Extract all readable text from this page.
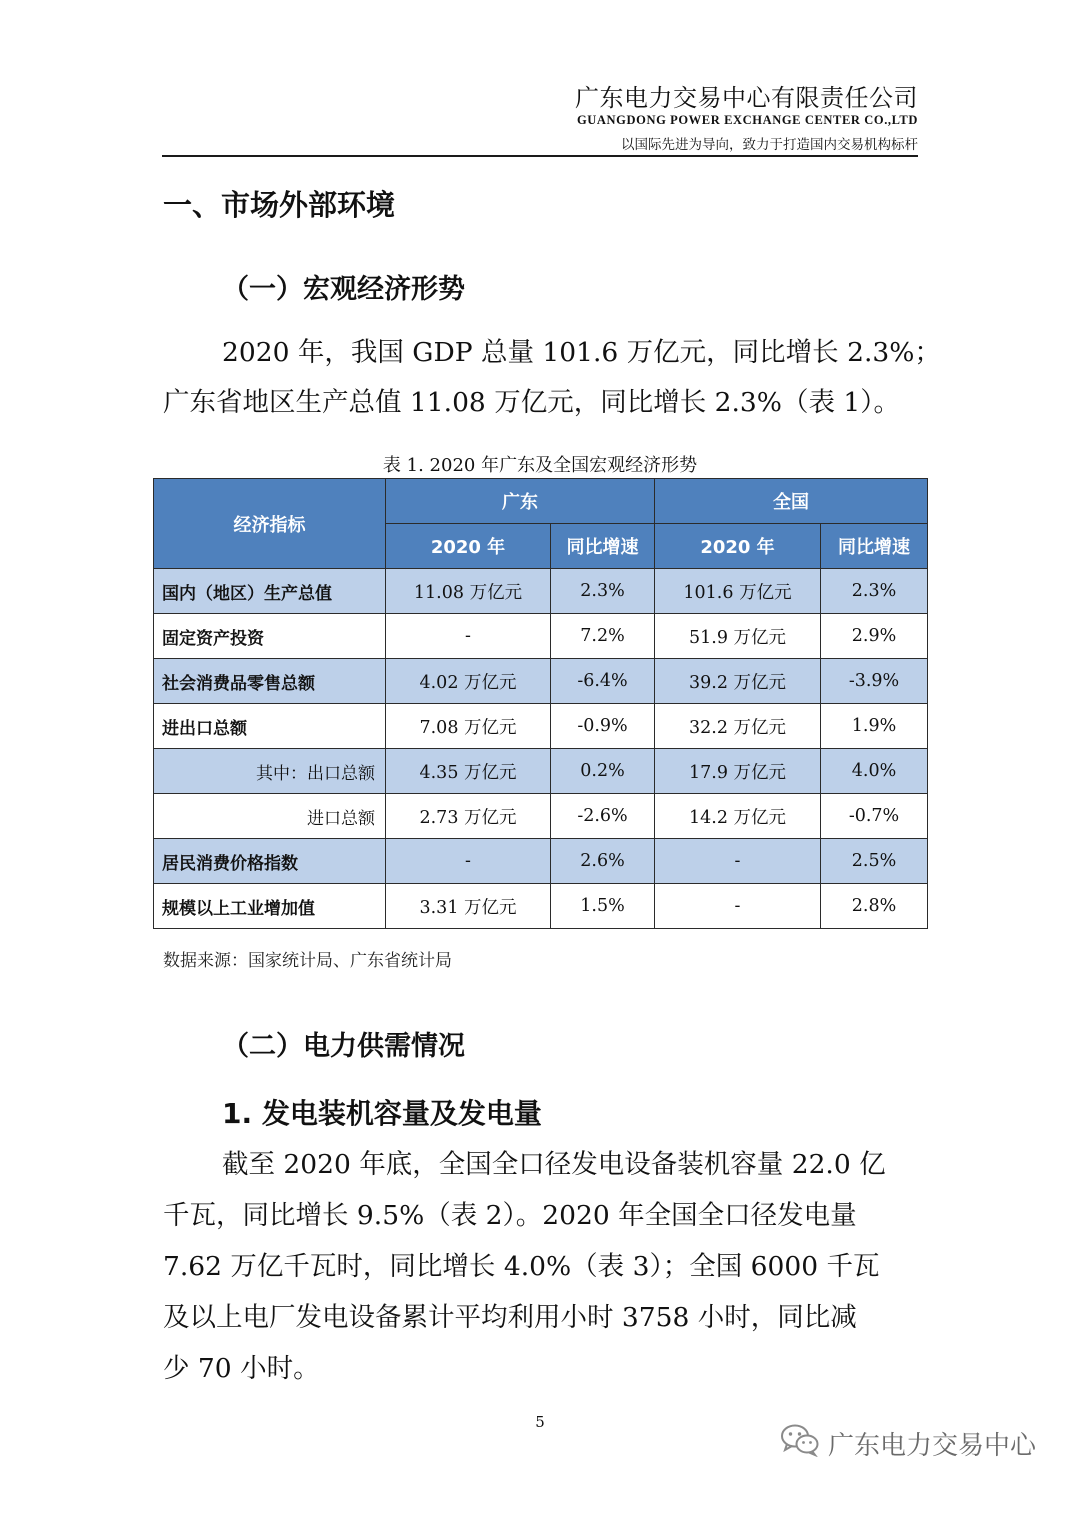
广东电力交易中心有限责任公司
GUANGDONG POWER EXCHANGE CENTER CO.,LTD
以国际先进为导向，致力于打造国内交易机构标杆
一、市场外部环境
（一）宏观经济形势
2020 年，我国 GDP 总量 101.6 万亿元，同比增长 2.3%；
广东省地区生产总值 11.08 万亿元，同比增长 2.3%（表 1）。
表 1. 2020 年广东及全国宏观经济形势
经济指标	广东		全国	
	2020 年	同比增速	2020 年	同比增速
国内（地区）生产总值	11.08 万亿元	2.3%	101.6 万亿元	2.3%
固定资产投资	-	7.2%	51.9 万亿元	2.9%
社会消费品零售总额	4.02 万亿元	-6.4%	39.2 万亿元	-3.9%
进出口总额	7.08 万亿元	-0.9%	32.2 万亿元	1.9%
其中：出口总额	4.35 万亿元	0.2%	17.9 万亿元	4.0%
进口总额	2.73 万亿元	-2.6%	14.2 万亿元	-0.7%
居民消费价格指数	-	2.6%	-	2.5%
规模以上工业增加值	3.31 万亿元	1.5%	-	2.8%
数据来源：国家统计局、广东省统计局
（二）电力供需情况
1. 发电装机容量及发电量
截至 2020 年底，全国全口径发电设备装机容量 22.0 亿
千瓦，同比增长 9.5%（表 2）。2020 年全国全口径发电量
7.62 万亿千瓦时，同比增长 4.0%（表 3）；全国 6000 千瓦
及以上电厂发电设备累计平均利用小时 3758 小时，同比减
少 70 小时。
5
广东电力交易中心
